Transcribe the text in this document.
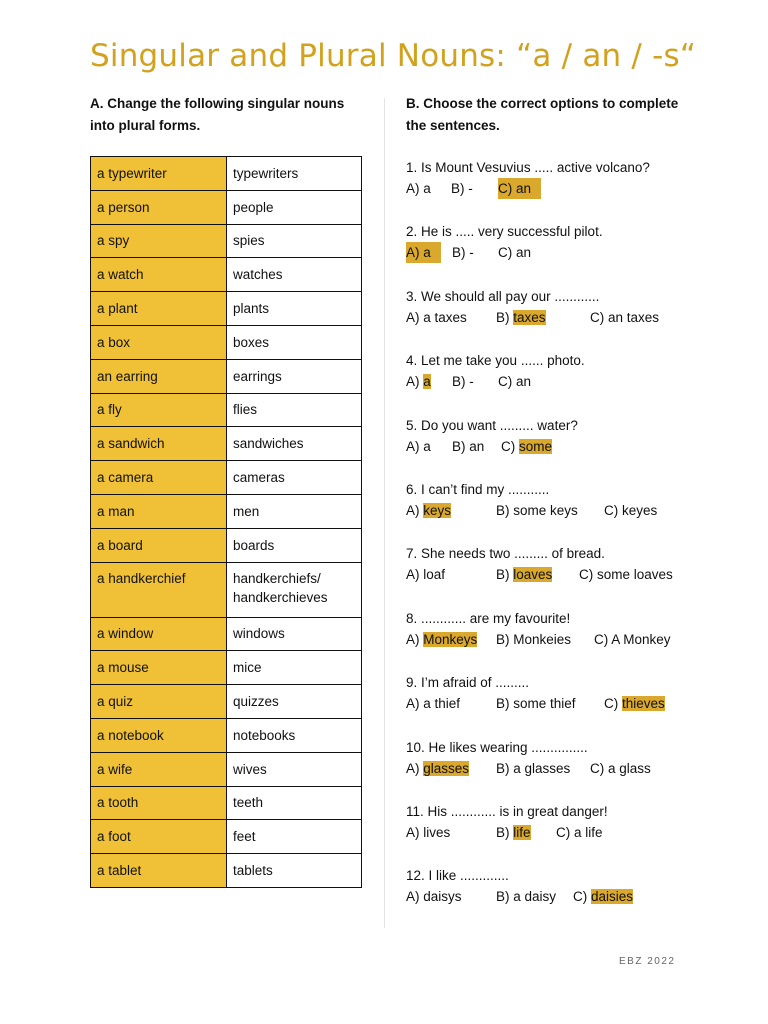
Singular and Plural Nouns: “a / an / -s“
A. Change the following singular nouns into plural forms.
B. Choose the correct options to complete the sentences.
a typewriter	typewriters
a person	people
a spy	spies
a watch	watches
a plant	plants
a box	boxes
an earring	earrings
a fly	flies
a sandwich	sandwiches
a camera	cameras
a man	men
a board	boards
a handkerchief	handkerchiefs/
handkerchieves
a window	windows
a mouse	mice
a quiz	quizzes
a notebook	notebooks
a wife	wives
a tooth	teeth
a foot	feet
a tablet	tablets
1. Is Mount Vesuvius ..... active volcano?
A) a B) - C) an
2. He is ..... very successful pilot.
A) a	B) - C) an
3. We should all pay our ............
A) a taxes B) taxes	C) an taxes
4. Let me take you ...... photo.
A) a B) - C) an
5. Do you want ......... water?
A) a B) an C) some
6. I can’t find my ...........
A) keys	B) some keys C) keyes
7. She needs two ......... of bread.
A) loaf	B) loaves C) some loaves
8. ............ are my favourite!
A) Monkeys B) Monkeies C) A Monkey
9. I’m afraid of .........
A) a thief	B) some thief C) thieves
10. He likes wearing ...............
A) glasses B) a glasses C) a glass
11. His ............ is in great danger!
A) lives	B) life C) a life
12. I like .............
A) daisys	B) a daisy C) daisies
EBZ 2022
